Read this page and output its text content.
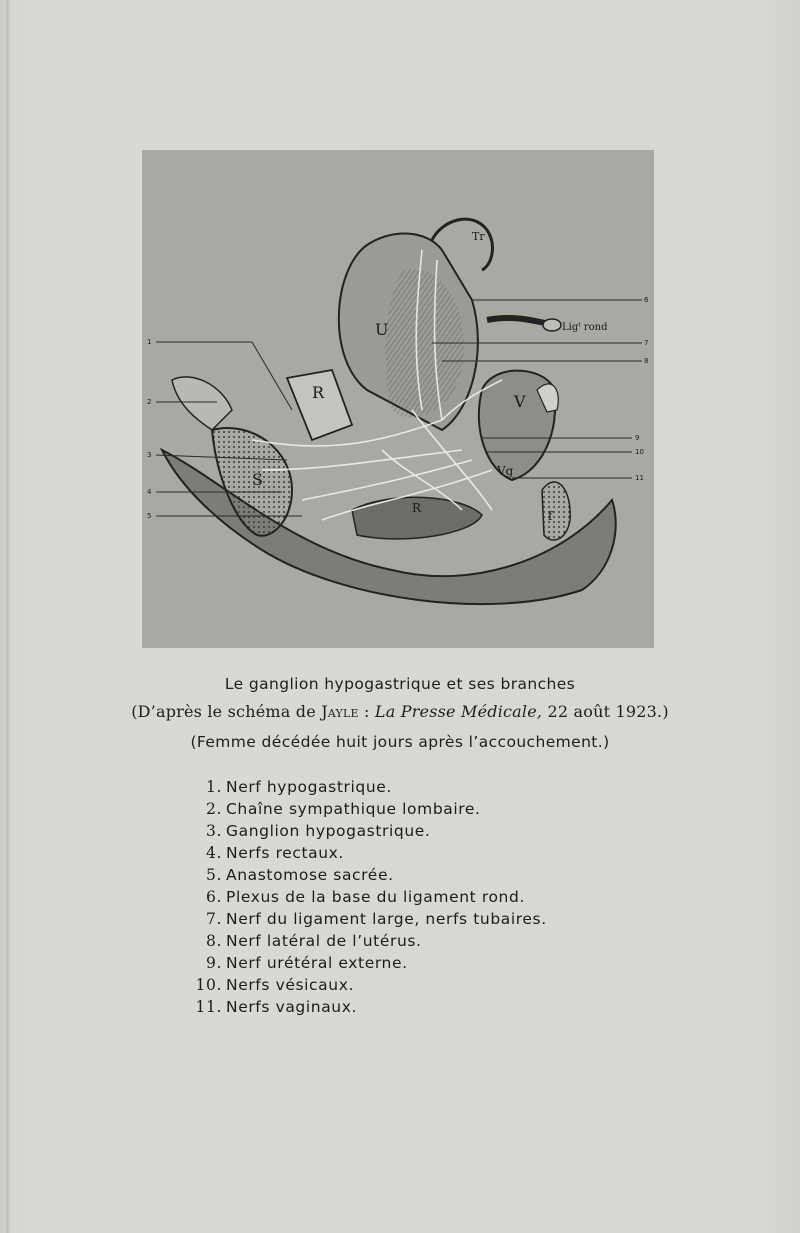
U
R	V
S	Vg
R
f
Tr
Ligᵗ rond
1
2
3
4
5
6
7
8
9
10
11
Le ganglion hypogastrique et ses branches
(D’après le schéma de Jayle : La Presse Médicale, 22 août 1923.)
(Femme décédée huit jours après l’accouchement.)
1. Nerf hypogastrique.
2. Chaîne sympathique lombaire.
3. Ganglion hypogastrique.
4. Nerfs rectaux.
5. Anastomose sacrée.
6. Plexus de la base du ligament rond.
7. Nerf du ligament large, nerfs tubaires.
8. Nerf latéral de l’utérus.
9. Nerf urétéral externe.
10. Nerfs vésicaux.
11. Nerfs vaginaux.
